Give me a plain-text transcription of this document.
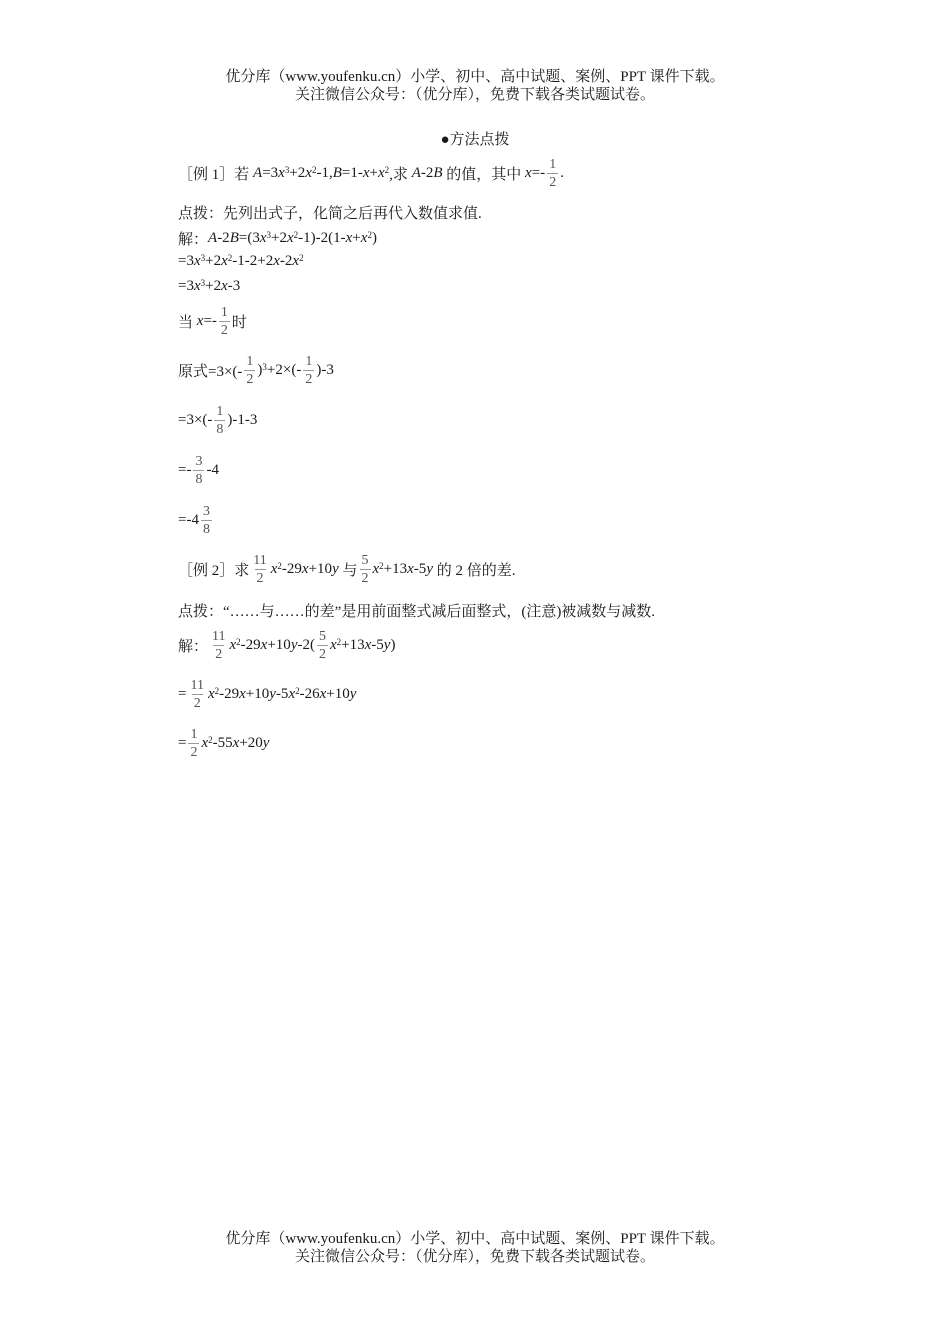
优分库（www.youfenku.cn）小学、初中、高中试题、案例、PPT 课件下载。
关注微信公众号：（优分库），免费下载各类试题试卷。
●方法点拨
［例 1］若
A =3 $x^3 +2$ $x^2$ -1, B =1- $x + x^2$ ,求 A -2 B
的值，其中
$x =- \frac{1}{2}$ .
点拨：先列出式子，化简之后再代入数值求值.
解： A -2 B =(3 $x^3 +2$ $x^2$ -1)-2(1- $x + x^2$ )
=3 $x^3 +2$ $x^2$ -1-2+2 x -2 $x^2$
=3 $x^3 +2$ x -3
当
$x =- \frac{1}{2}$ 时
原式$=3\times(- \frac{1}{2} )^3 +2\times(- \frac{1}{2} )-3$
$=3\times(- \frac{1}{8} )-1-3$
=- $\frac{3}{8} -4$
$=-4 \frac{3}{8}$
［例 2］求 $\frac{11}{2} x^2$ -29 x +10 y
与 $\frac{5}{2} x^2 +13$ x -5 y
的 2 倍的差.
点拨：“……与……的差”是用前面整式减后面整式，(注意)被减数与减数.
解： $\frac{11}{2} x^2$ -29 x +10 y $-2( \frac{5}{2} x^2 +13$ x -5 y )
= $\frac{11}{2} x^2$ -29 x +10 y -5 $x^2$ -26 x +10 y
= $\frac{1}{2} x^2$ -55 x +20 y
优分库（www.youfenku.cn）小学、初中、高中试题、案例、PPT 课件下载。
关注微信公众号：（优分库），免费下载各类试题试卷。
